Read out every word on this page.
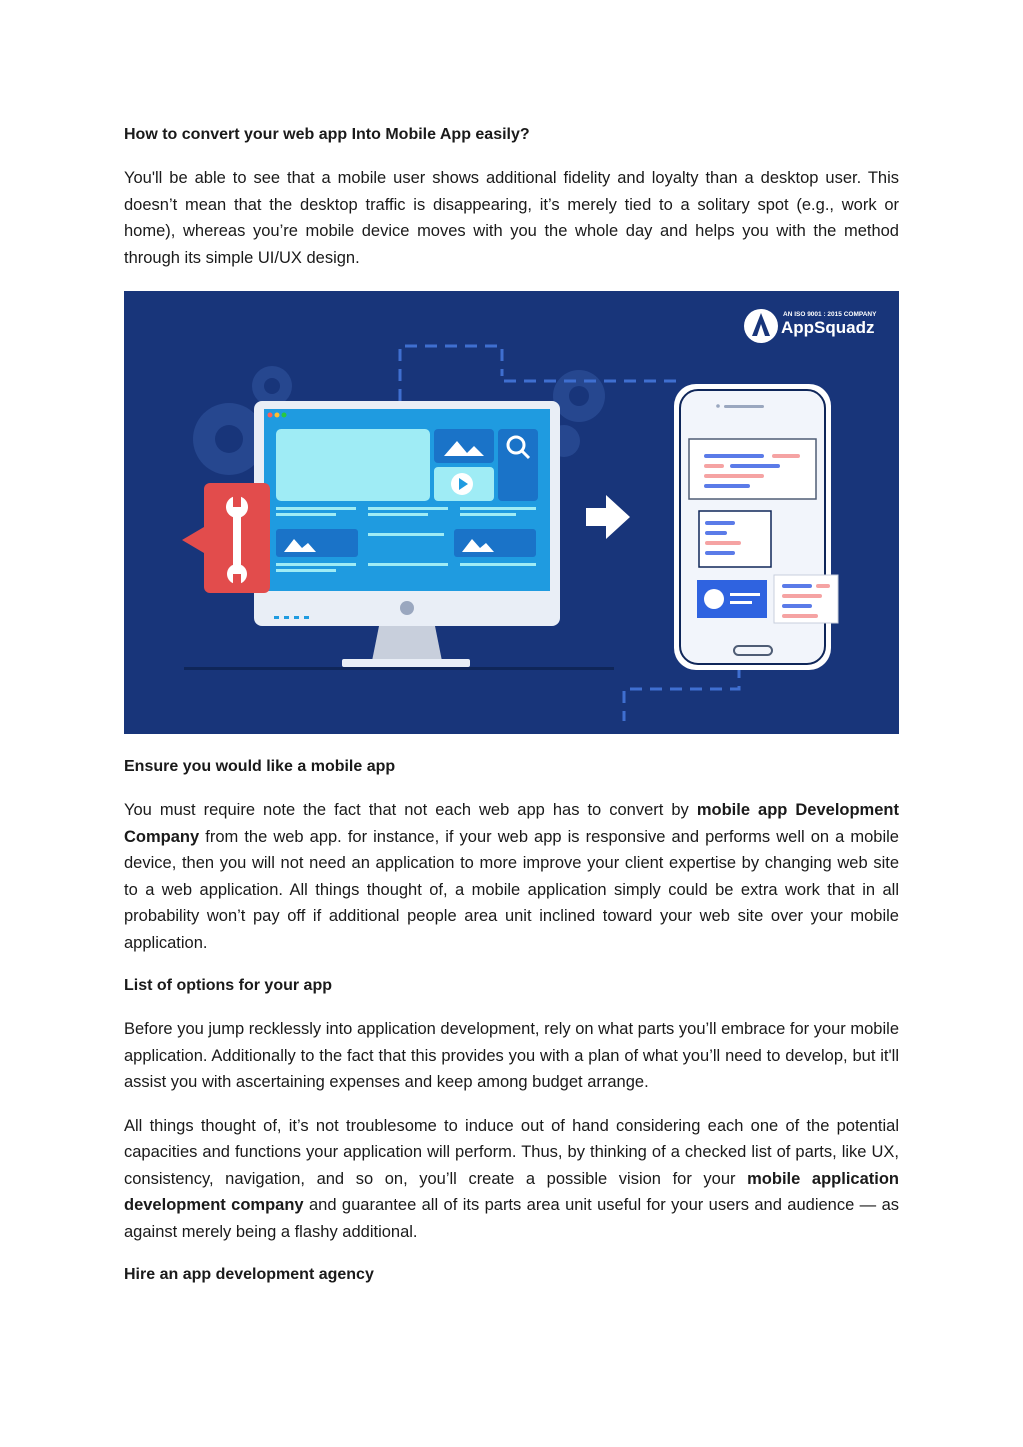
How to convert your web app Into Mobile App easily?

You'll be able to see that a mobile user shows additional fidelity and loyalty than a desktop user. This doesn’t mean that the desktop traffic is disappearing, it’s merely tied to a solitary spot (e.g., work or home), whereas you’re mobile device moves with you the whole day and helps you with the method through its simple UI/UX design.

AN ISO 9001 : 2015 COMPANY
AppSquadz
Ensure you would like a mobile app

You must require note the fact that not each web app has to convert by mobile app Development Company from the web app. for instance, if your web app is responsive and performs well on a mobile device, then you will not need an application to more improve your client expertise by changing web site to a web application. All things thought of, a mobile application simply could be extra work that in all probability won’t pay off if additional people area unit inclined toward your web site over your mobile application.

List of options for your app

Before you jump recklessly into application development, rely on what parts you’ll embrace for your mobile application. Additionally to the fact that this provides you with a plan of what you’ll need to develop, but it'll assist you with ascertaining expenses and keep among budget arrange.

All things thought of, it’s not troublesome to induce out of hand considering each one of the potential capacities and functions your application will perform. Thus, by thinking of a checked list of parts, like UX, consistency, navigation, and so on, you’ll create a possible vision for your mobile application development company and guarantee all of its parts area unit useful for your users and audience — as against merely being a flashy additional.

Hire an app development agency
